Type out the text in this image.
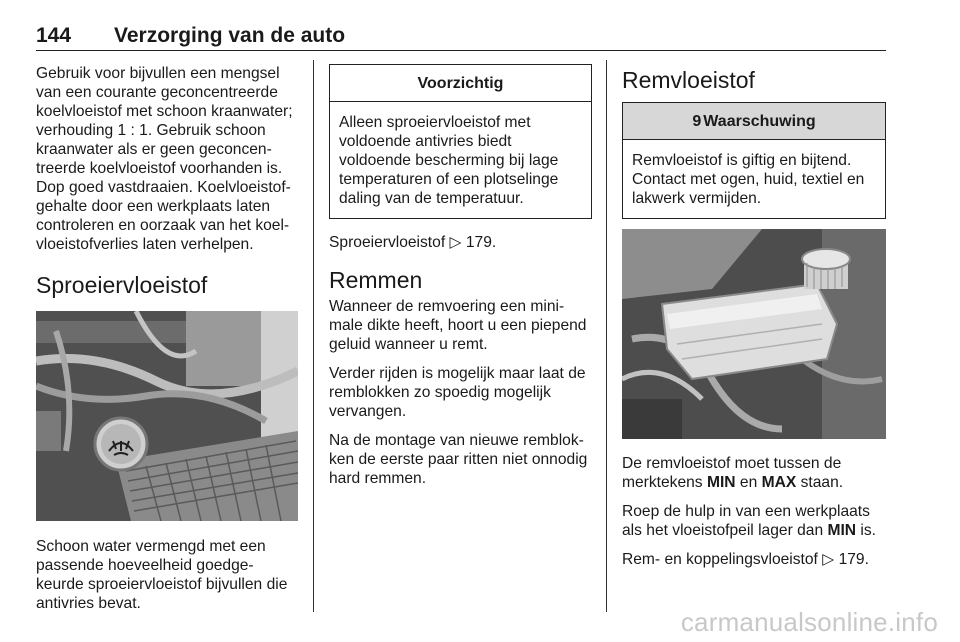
144 Verzorging van de auto

Gebruik voor bijvullen een mengsel van een courante geconcentreerde koelvloeistof met schoon kraanwater; verhouding 1 : 1. Gebruik schoon kraanwater als er geen geconcen-treerde koelvloeistof voorhanden is. Dop goed vastdraaien. Koelvloeistof-gehalte door een werkplaats laten controleren en oorzaak van het koel-vloeistofverlies laten verhelpen.

Sproeiervloeistof

Schoon water vermengd met een passende hoeveelheid goedge-keurde sproeiervloeistof bijvullen die antivries bevat.

Voorzichtig
Alleen sproeiervloeistof met voldoende antivries biedt voldoende bescherming bij lage temperaturen of een plotselinge daling van de temperatuur.

Sproeiervloeistof ▷ 179.

Remmen

Wanneer de remvoering een mini-male dikte heeft, hoort u een piepend geluid wanneer u remt.

Verder rijden is mogelijk maar laat de remblokken zo spoedig mogelijk vervangen.

Na de montage van nieuwe remblok-ken de eerste paar ritten niet onnodig hard remmen.

Remvloeistof
9 Waarschuwing
Remvloeistof is giftig en bijtend. Contact met ogen, huid, textiel en lakwerk vermijden.

De remvloeistof moet tussen de merktekens MIN en MAX staan.

Roep de hulp in van een werkplaats als het vloeistofpeil lager dan MIN is.

Rem- en koppelingsvloeistof ▷ 179.

carmanualsonline.info
